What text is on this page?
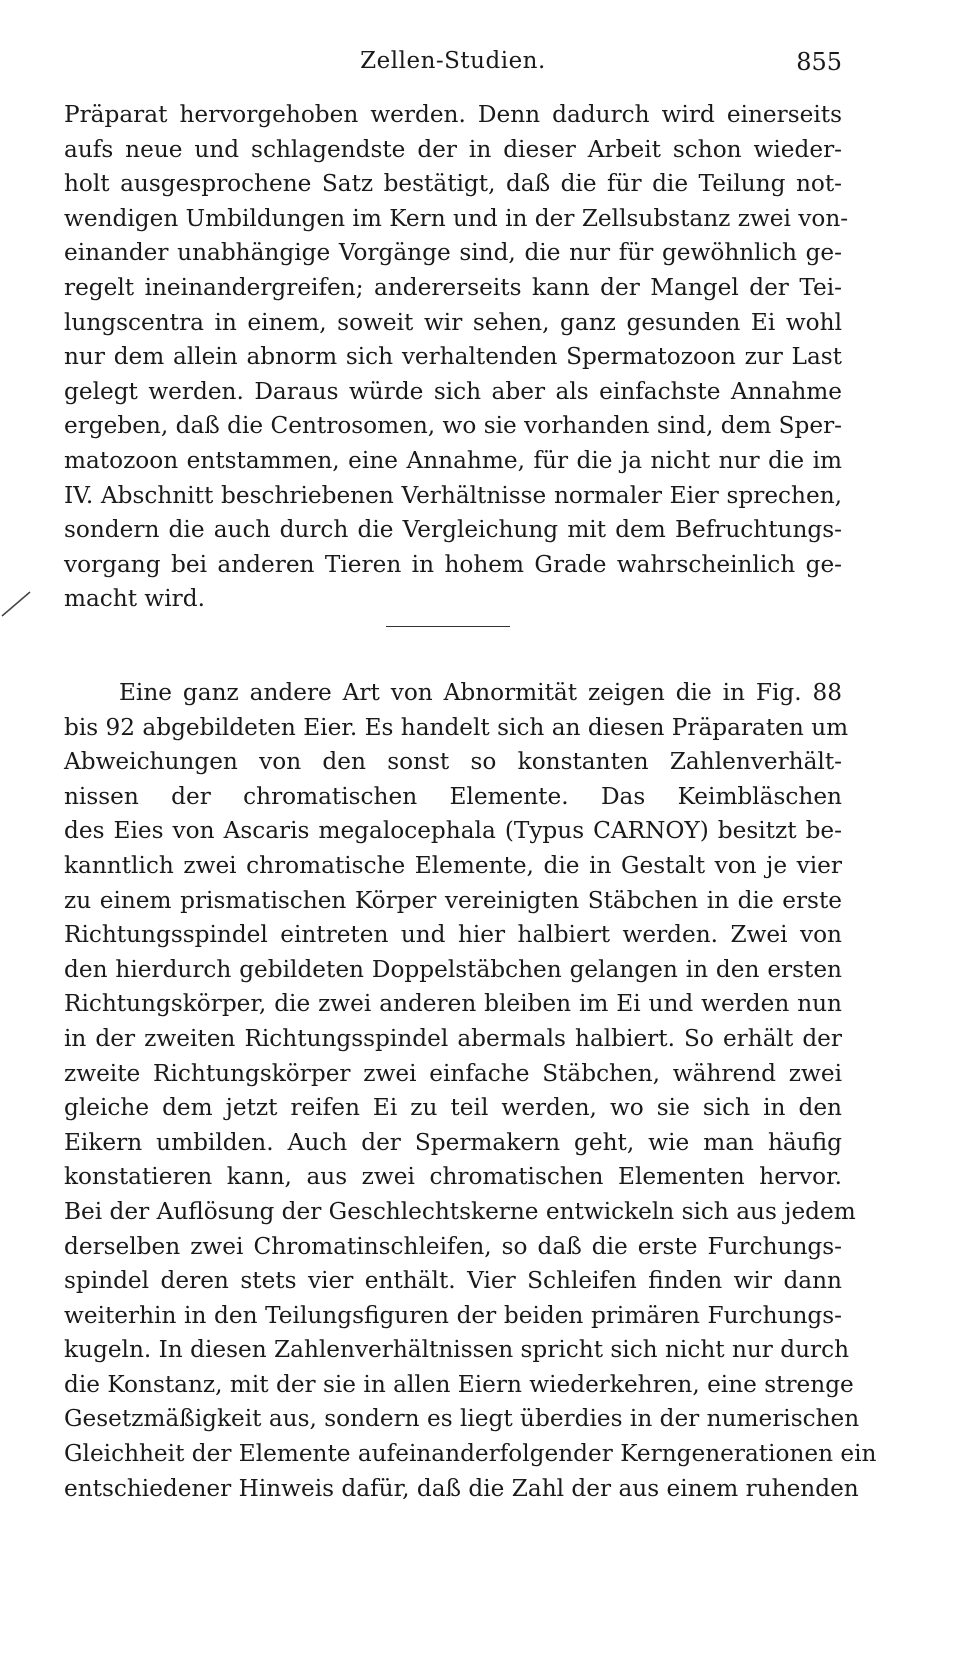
Zellen-Studien.	855
Präparat hervorgehoben werden. Denn dadurch wird einerseits
aufs neue und schlagendste der in dieser Arbeit schon wieder-
holt ausgesprochene Satz bestätigt, daß die für die Teilung not-
wendigen Umbildungen im Kern und in der Zellsubstanz zwei von-
einander unabhängige Vorgänge sind, die nur für gewöhnlich ge-
regelt ineinandergreifen; andererseits kann der Mangel der Tei-
lungscentra in einem, soweit wir sehen, ganz gesunden Ei wohl
nur dem allein abnorm sich verhaltenden Spermatozoon zur Last
gelegt werden. Daraus würde sich aber als einfachste Annahme
ergeben, daß die Centrosomen, wo sie vorhanden sind, dem Sper-
matozoon entstammen, eine Annahme, für die ja nicht nur die im
IV. Abschnitt beschriebenen Verhältnisse normaler Eier sprechen,
sondern die auch durch die Vergleichung mit dem Befruchtungs-
vorgang bei anderen Tieren in hohem Grade wahrscheinlich ge-
macht wird.
Eine ganz andere Art von Abnormität zeigen die in Fig. 88
bis 92 abgebildeten Eier. Es handelt sich an diesen Präparaten um
Abweichungen von den sonst so konstanten Zahlenverhält-
nissen der chromatischen Elemente. Das Keimbläschen
des Eies von Ascaris megalocephala (Typus CARNOY) besitzt be-
kanntlich zwei chromatische Elemente, die in Gestalt von je vier
zu einem prismatischen Körper vereinigten Stäbchen in die erste
Richtungsspindel eintreten und hier halbiert werden. Zwei von
den hierdurch gebildeten Doppelstäbchen gelangen in den ersten
Richtungskörper, die zwei anderen bleiben im Ei und werden nun
in der zweiten Richtungsspindel abermals halbiert. So erhält der
zweite Richtungskörper zwei einfache Stäbchen, während zwei
gleiche dem jetzt reifen Ei zu teil werden, wo sie sich in den
Eikern umbilden. Auch der Spermakern geht, wie man häufig
konstatieren kann, aus zwei chromatischen Elementen hervor.
Bei der Auflösung der Geschlechtskerne entwickeln sich aus jedem
derselben zwei Chromatinschleifen, so daß die erste Furchungs-
spindel deren stets vier enthält. Vier Schleifen finden wir dann
weiterhin in den Teilungsfiguren der beiden primären Furchungs-
kugeln. In diesen Zahlenverhältnissen spricht sich nicht nur durch
die Konstanz, mit der sie in allen Eiern wiederkehren, eine strenge
Gesetzmäßigkeit aus, sondern es liegt überdies in der numerischen
Gleichheit der Elemente aufeinanderfolgender Kerngenerationen ein
entschiedener Hinweis dafür, daß die Zahl der aus einem ruhenden
